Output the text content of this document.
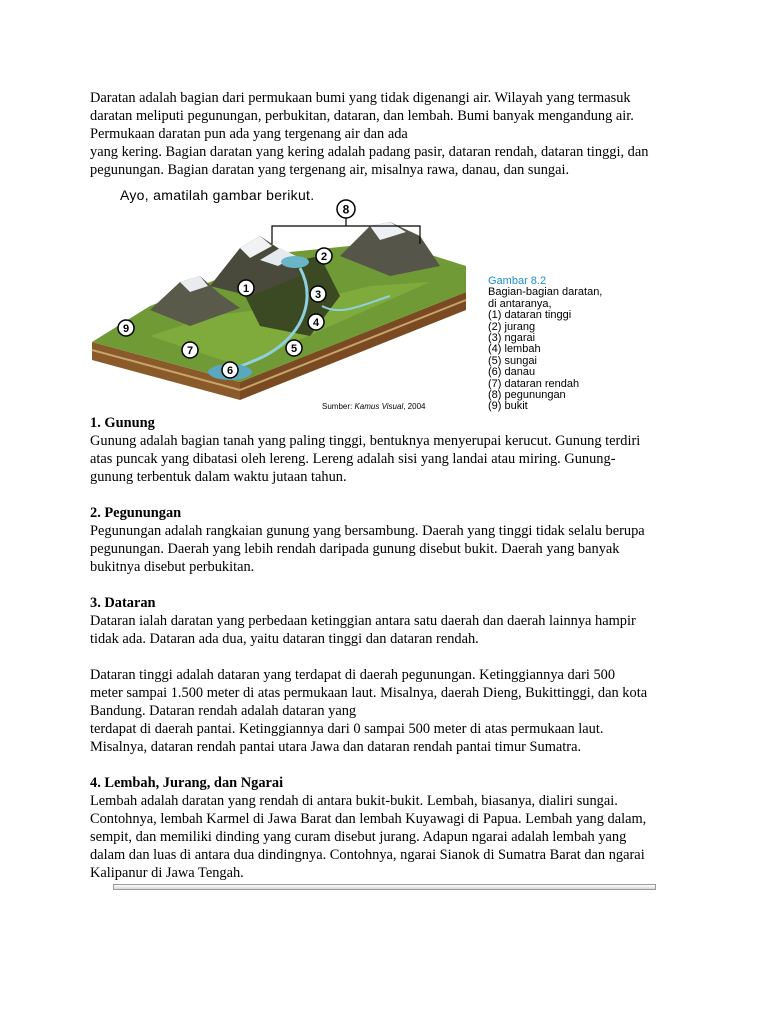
Daratan adalah bagian dari permukaan bumi yang tidak digenangi air. Wilayah yang termasuk

daratan meliputi pegunungan, perbukitan, dataran, dan lembah. Bumi banyak mengandung air.

Permukaan daratan pun ada yang tergenang air dan ada

yang kering. Bagian daratan yang kering adalah padang pasir, dataran rendah, dataran tinggi, dan

pegunungan. Bagian daratan yang tergenang air, misalnya rawa, danau, dan sungai.

Ayo, amatilah gambar berikut.
8
2
1	3
4
9
7	5
6
Gambar 8.2
Bagian-bagian daratan,
di antaranya,
(1) dataran tinggi
(2) jurang
(3) ngarai
(4) lembah
(5) sungai
(6) danau
(7) dataran rendah
(8) pegunungan
(9) bukit
Sumber: Kamus Visual, 2004
1. Gunung

Gunung adalah bagian tanah yang paling tinggi, bentuknya menyerupai kerucut. Gunung terdiri

atas puncak yang dibatasi oleh lereng. Lereng adalah sisi yang landai atau miring. Gunung-

gunung terbentuk dalam waktu jutaan tahun.

2. Pegunungan

Pegunungan adalah rangkaian gunung yang bersambung. Daerah yang tinggi tidak selalu berupa

pegunungan. Daerah yang lebih rendah daripada gunung disebut bukit. Daerah yang banyak

bukitnya disebut perbukitan.

3. Dataran

Dataran ialah daratan yang perbedaan ketinggian antara satu daerah dan daerah lainnya hampir

tidak ada. Dataran ada dua, yaitu dataran tinggi dan dataran rendah.

Dataran tinggi adalah dataran yang terdapat di daerah pegunungan. Ketinggiannya dari 500

meter sampai 1.500 meter di atas permukaan laut. Misalnya, daerah Dieng, Bukittinggi, dan kota

Bandung. Dataran rendah adalah dataran yang

terdapat di daerah pantai. Ketinggiannya dari 0 sampai 500 meter di atas permukaan laut.

Misalnya, dataran rendah pantai utara Jawa dan dataran rendah pantai timur Sumatra.

4. Lembah, Jurang, dan Ngarai

Lembah adalah daratan yang rendah di antara bukit-bukit. Lembah, biasanya, dialiri sungai.

Contohnya, lembah Karmel di Jawa Barat dan lembah Kuyawagi di Papua. Lembah yang dalam,

sempit, dan memiliki dinding yang curam disebut jurang. Adapun ngarai adalah lembah yang

dalam dan luas di antara dua dindingnya. Contohnya, ngarai Sianok di Sumatra Barat dan ngarai

Kalipanur di Jawa Tengah.
